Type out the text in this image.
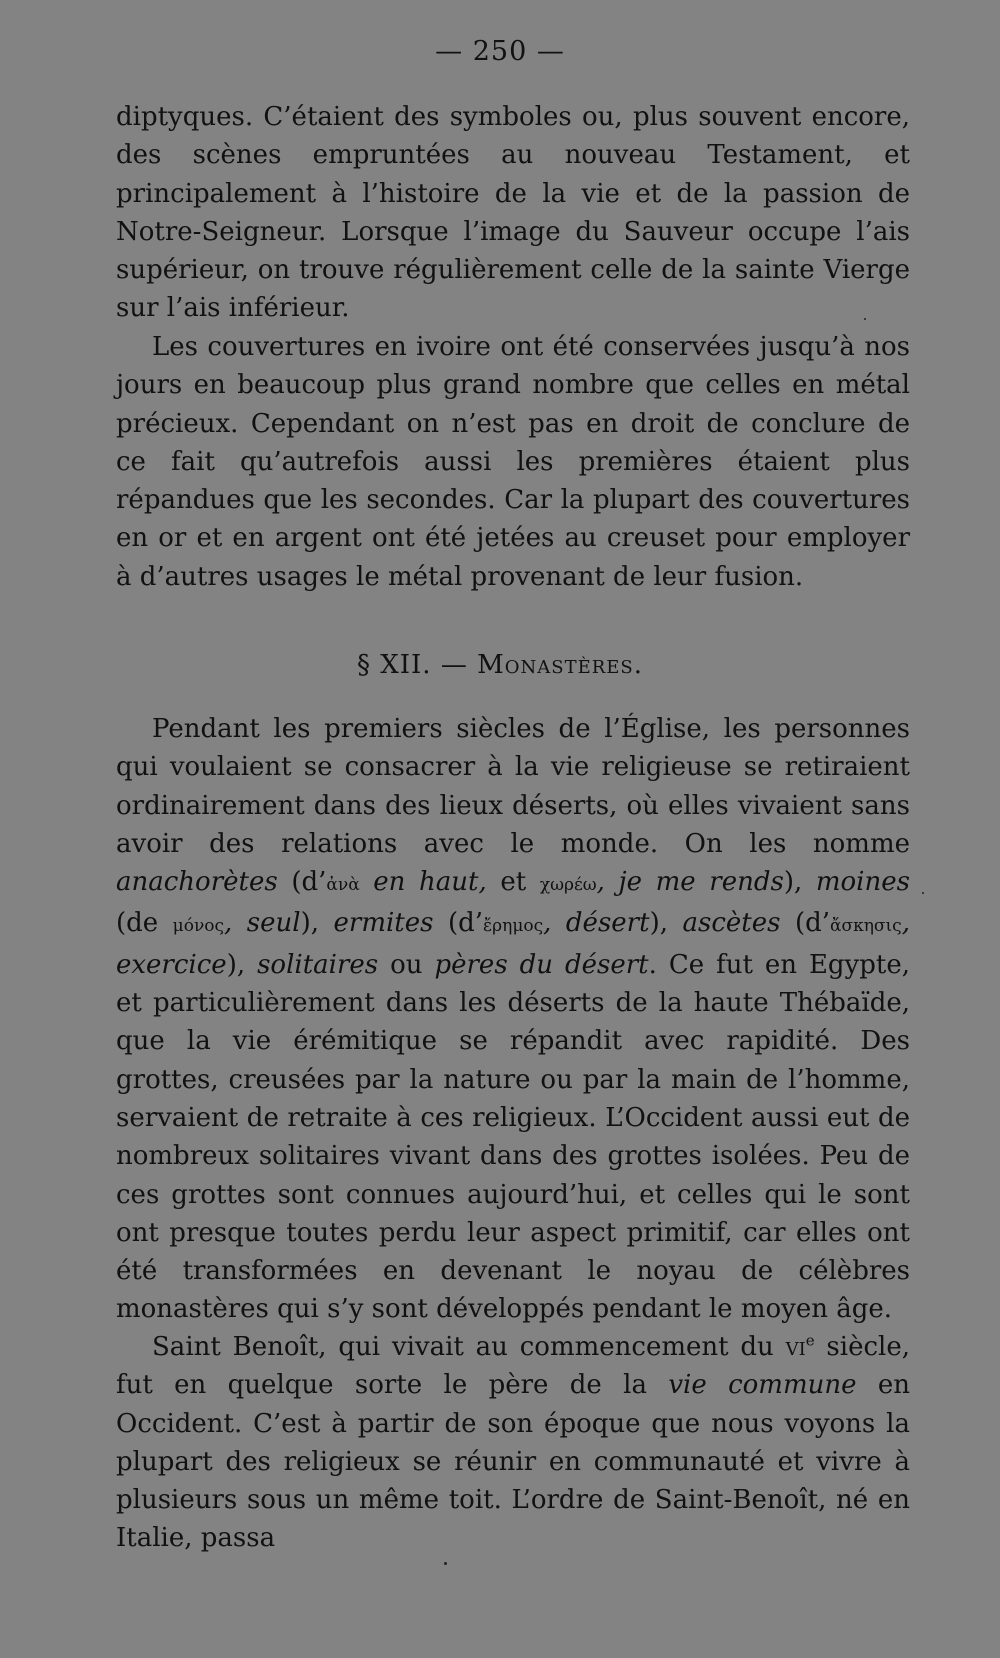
— 250 —

diptyques. C’étaient des symboles ou, plus souvent encore, des scènes empruntées au nouveau Testament, et principalement à l’histoire de la vie et de la passion de Notre-Seigneur. Lorsque l’image du Sauveur occupe l’ais supérieur, on trouve régulièrement celle de la sainte Vierge sur l’ais inférieur.

Les couvertures en ivoire ont été conservées jusqu’à nos jours en beaucoup plus grand nombre que celles en métal précieux. Cependant on n’est pas en droit de conclure de ce fait qu’autrefois aussi les premières étaient plus répandues que les secondes. Car la plupart des couvertures en or et en argent ont été jetées au creuset pour employer à d’autres usages le métal provenant de leur fusion.

§ XII. — Monastères.

Pendant les premiers siècles de l’Église, les personnes qui voulaient se consacrer à la vie religieuse se retiraient ordinairement dans des lieux déserts, où elles vivaient sans avoir des relations avec le monde. On les nomme anachorètes (d’ἀνὰ en haut, et χωρέω, je me rends), moines (de μόνος, seul), ermites (d’ἔρημος, désert), ascètes (d’ἄσκησις, exercice), solitaires ou pères du désert. Ce fut en Egypte, et particulièrement dans les déserts de la haute Thébaïde, que la vie érémitique se répandit avec rapidité. Des grottes, creusées par la nature ou par la main de l’homme, servaient de retraite à ces religieux. L’Occident aussi eut de nombreux solitaires vivant dans des grottes isolées. Peu de ces grottes sont connues aujourd’hui, et celles qui le sont ont presque toutes perdu leur aspect primitif, car elles ont été transformées en devenant le noyau de célèbres monastères qui s’y sont développés pendant le moyen âge.

Saint Benoît, qui vivait au commencement du $vi^e$ siècle, fut en quelque sorte le père de la vie commune en Occident. C’est à partir de son époque que nous voyons la plupart des religieux se réunir en communauté et vivre à plusieurs sous un même toit. L’ordre de Saint-Benoît, né en Italie, passa
